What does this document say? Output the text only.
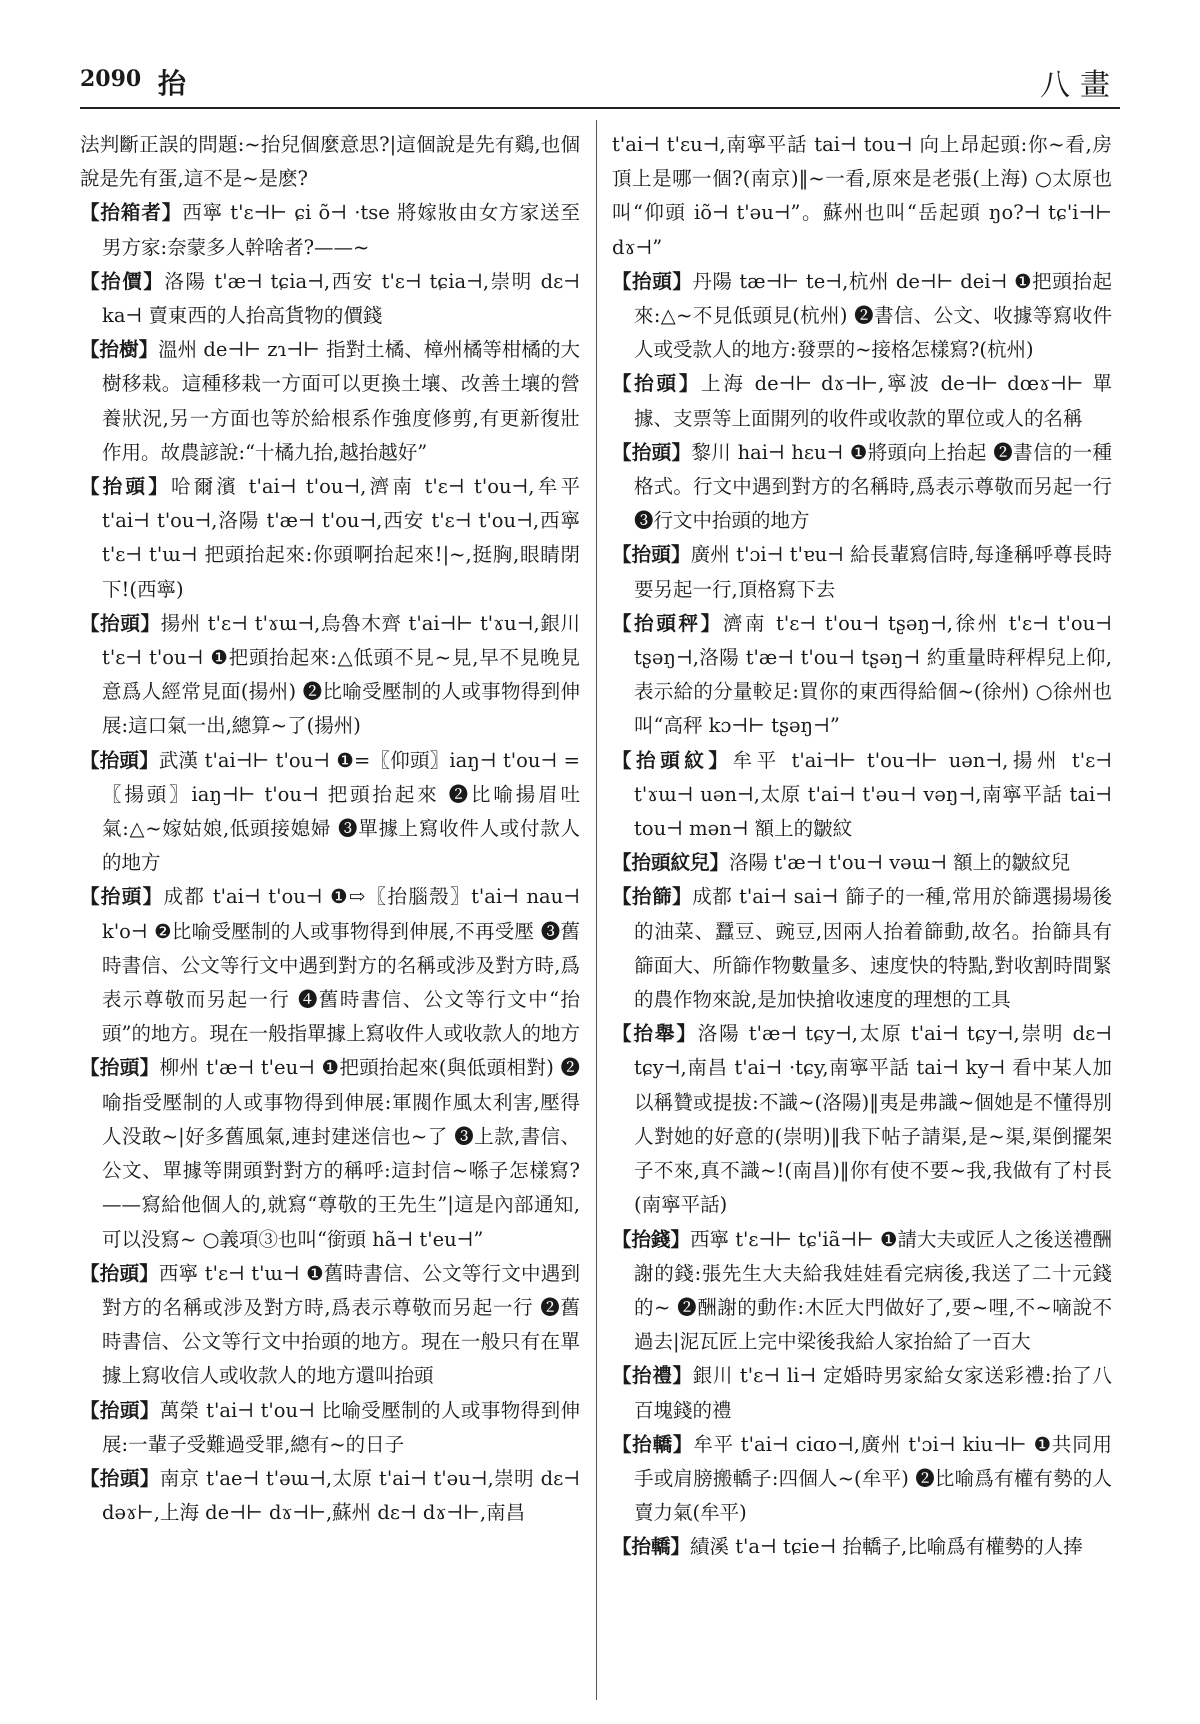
2090 抬	八畫

法判斷正誤的問題:~抬兒個麼意思?|這個說是先有鷄,也個說是先有蛋,這不是~是麽?

【抬箱者】西寧 t'ɛ⊣⊢ ɕi õ⊣ ·tse 將嫁妝由女方家送至男方家:奈蒙多人幹啥者?——~

【抬價】洛陽 t'æ⊣ tɕia⊣,西安 t'ɛ⊣ tɕia⊣,崇明 dɛ⊣ ka⊣ 賣東西的人抬高貨物的價錢

【抬樹】溫州 de⊣⊢ zɿ⊣⊢ 指對土橘、樟州橘等柑橘的大樹移栽。這種移栽一方面可以更換土壤、改善土壤的營養狀況,另一方面也等於給根系作強度修剪,有更新復壯作用。故農諺說:“十橘九抬,越抬越好”

【抬頭】哈爾濱 t'ai⊣ t'ou⊣,濟南 t'ɛ⊣ t'ou⊣,牟平 t'ai⊣ t'ou⊣,洛陽 t'æ⊣ t'ou⊣,西安 t'ɛ⊣ t'ou⊣,西寧 t'ɛ⊣ t'ɯ⊣ 把頭抬起來:你頭啊抬起來!|~,挺胸,眼睛閉下!(西寧)

【抬頭】揚州 t'ɛ⊣ t'ɤɯ⊣,烏魯木齊 t'ai⊣⊢ t'ɤu⊣,銀川 t'ɛ⊣ t'ou⊣ ❶把頭抬起來:△低頭不見~見,早不見晚見意爲人經常見面(揚州) ❷比喻受壓制的人或事物得到伸展:這口氣一出,總算~了(揚州)

【抬頭】武漢 t'ai⊣⊢ t'ou⊣ ❶=〖仰頭〗iaŋ⊣ t'ou⊣ =〖揚頭〗iaŋ⊣⊢ t'ou⊣ 把頭抬起來 ❷比喻揚眉吐氣:△~嫁姑娘,低頭接媳婦 ❸單據上寫收件人或付款人的地方

【抬頭】成都 t'ai⊣ t'ou⊣ ❶⇨〖抬腦殼〗t'ai⊣ nau⊣ k'o⊣ ❷比喻受壓制的人或事物得到伸展,不再受壓 ❸舊時書信、公文等行文中遇到對方的名稱或涉及對方時,爲表示尊敬而另起一行 ❹舊時書信、公文等行文中“抬頭”的地方。現在一般指單據上寫收件人或收款人的地方

【抬頭】柳州 t'æ⊣ t'eu⊣ ❶把頭抬起來(與低頭相對) ❷喻指受壓制的人或事物得到伸展:軍閥作風太利害,壓得人没敢~|好多舊風氣,連封建迷信也~了 ❸上款,書信、公文、單據等開頭對對方的稱呼:這封信~喺子怎樣寫?——寫給他個人的,就寫“尊敬的王先生”|這是內部通知,可以没寫~ ○義項③也叫“銜頭 hã⊣ t'eu⊣”

【抬頭】西寧 t'ɛ⊣ t'ɯ⊣ ❶舊時書信、公文等行文中遇到對方的名稱或涉及對方時,爲表示尊敬而另起一行 ❷舊時書信、公文等行文中抬頭的地方。現在一般只有在單據上寫收信人或收款人的地方還叫抬頭

【抬頭】萬榮 t'ai⊣ t'ou⊣ 比喻受壓制的人或事物得到伸展:一輩子受難過受罪,總有~的日子

【抬頭】南京 t'ae⊣ t'əɯ⊣,太原 t'ai⊣ t'əu⊣,崇明 dɛ⊣ dəɤ⊢,上海 de⊣⊢ dɤ⊣⊢,蘇州 dɛ⊣ dɤ⊣⊢,南昌

t'ai⊣ t'ɛu⊣,南寧平話 tai⊣ tou⊣ 向上昂起頭:你~看,房頂上是哪一個?(南京)‖~一看,原來是老張(上海) ○太原也叫“仰頭 iõ⊣ t'əu⊣”。蘇州也叫“岳起頭 ŋo?⊣ tɕ'i⊣⊢ dɤ⊣”

【抬頭】丹陽 tæ⊣⊢ te⊣,杭州 de⊣⊢ dei⊣ ❶把頭抬起來:△~不見低頭見(杭州) ❷書信、公文、收據等寫收件人或受款人的地方:發票的~接格怎樣寫?(杭州)

【抬頭】上海 de⊣⊢ dɤ⊣⊢,寧波 de⊣⊢ dœɤ⊣⊢ 單據、支票等上面開列的收件或收款的單位或人的名稱

【抬頭】黎川 hai⊣ hɛu⊣ ❶將頭向上抬起 ❷書信的一種格式。行文中遇到對方的名稱時,爲表示尊敬而另起一行 ❸行文中抬頭的地方

【抬頭】廣州 t'ɔi⊣ t'ɐu⊣ 給長輩寫信時,每逢稱呼尊長時要另起一行,頂格寫下去

【抬頭秤】濟南 t'ɛ⊣ t'ou⊣ tʂəŋ⊣,徐州 t'ɛ⊣ t'ou⊣ tʂəŋ⊣,洛陽 t'æ⊣ t'ou⊣ tʂəŋ⊣ 約重量時秤桿兒上仰,表示給的分量較足:買你的東西得給個~(徐州) ○徐州也叫“高秤 kɔ⊣⊢ tʂəŋ⊣”

【抬頭紋】牟平 t'ai⊣⊢ t'ou⊣⊢ uən⊣,揚州 t'ɛ⊣ t'ɤɯ⊣ uən⊣,太原 t'ai⊣ t'əu⊣ vəŋ⊣,南寧平話 tai⊣ tou⊣ mən⊣ 額上的皺紋

【抬頭紋兒】洛陽 t'æ⊣ t'ou⊣ vəɯ⊣ 額上的皺紋兒

【抬篩】成都 t'ai⊣ sai⊣ 篩子的一種,常用於篩選揚場後的油菜、蠶豆、豌豆,因兩人抬着篩動,故名。抬篩具有篩面大、所篩作物數量多、速度快的特點,對收割時間緊的農作物來說,是加快搶收速度的理想的工具

【抬舉】洛陽 t'æ⊣ tɕy⊣,太原 t'ai⊣ tɕy⊣,崇明 dɛ⊣ tɕy⊣,南昌 t'ai⊣ ·tɕy,南寧平話 tai⊣ ky⊣ 看中某人加以稱贊或提拔:不識~(洛陽)‖夷是弗識~個她是不懂得別人對她的好意的(崇明)‖我下帖子請渠,是~渠,渠倒擺架子不來,真不識~!(南昌)‖你有使不要~我,我做有了村長(南寧平話)

【抬錢】西寧 t'ɛ⊣⊢ tɕ'iã⊣⊢ ❶請大夫或匠人之後送禮酬謝的錢:張先生大夫給我娃娃看完病後,我送了二十元錢的~ ❷酬謝的動作:木匠大門做好了,要~哩,不~嘀說不過去|泥瓦匠上完中梁後我給人家抬給了一百大

【抬禮】銀川 t'ɛ⊣ li⊣ 定婚時男家給女家送彩禮:抬了八百塊錢的禮

【抬轎】牟平 t'ai⊣ ciɑo⊣,廣州 t'ɔi⊣ kiu⊣⊢ ❶共同用手或肩膀搬轎子:四個人~(牟平) ❷比喻爲有權有勢的人賣力氣(牟平)

【抬轎】績溪 t'a⊣ tɕie⊣ 抬轎子,比喻爲有權勢的人捧
